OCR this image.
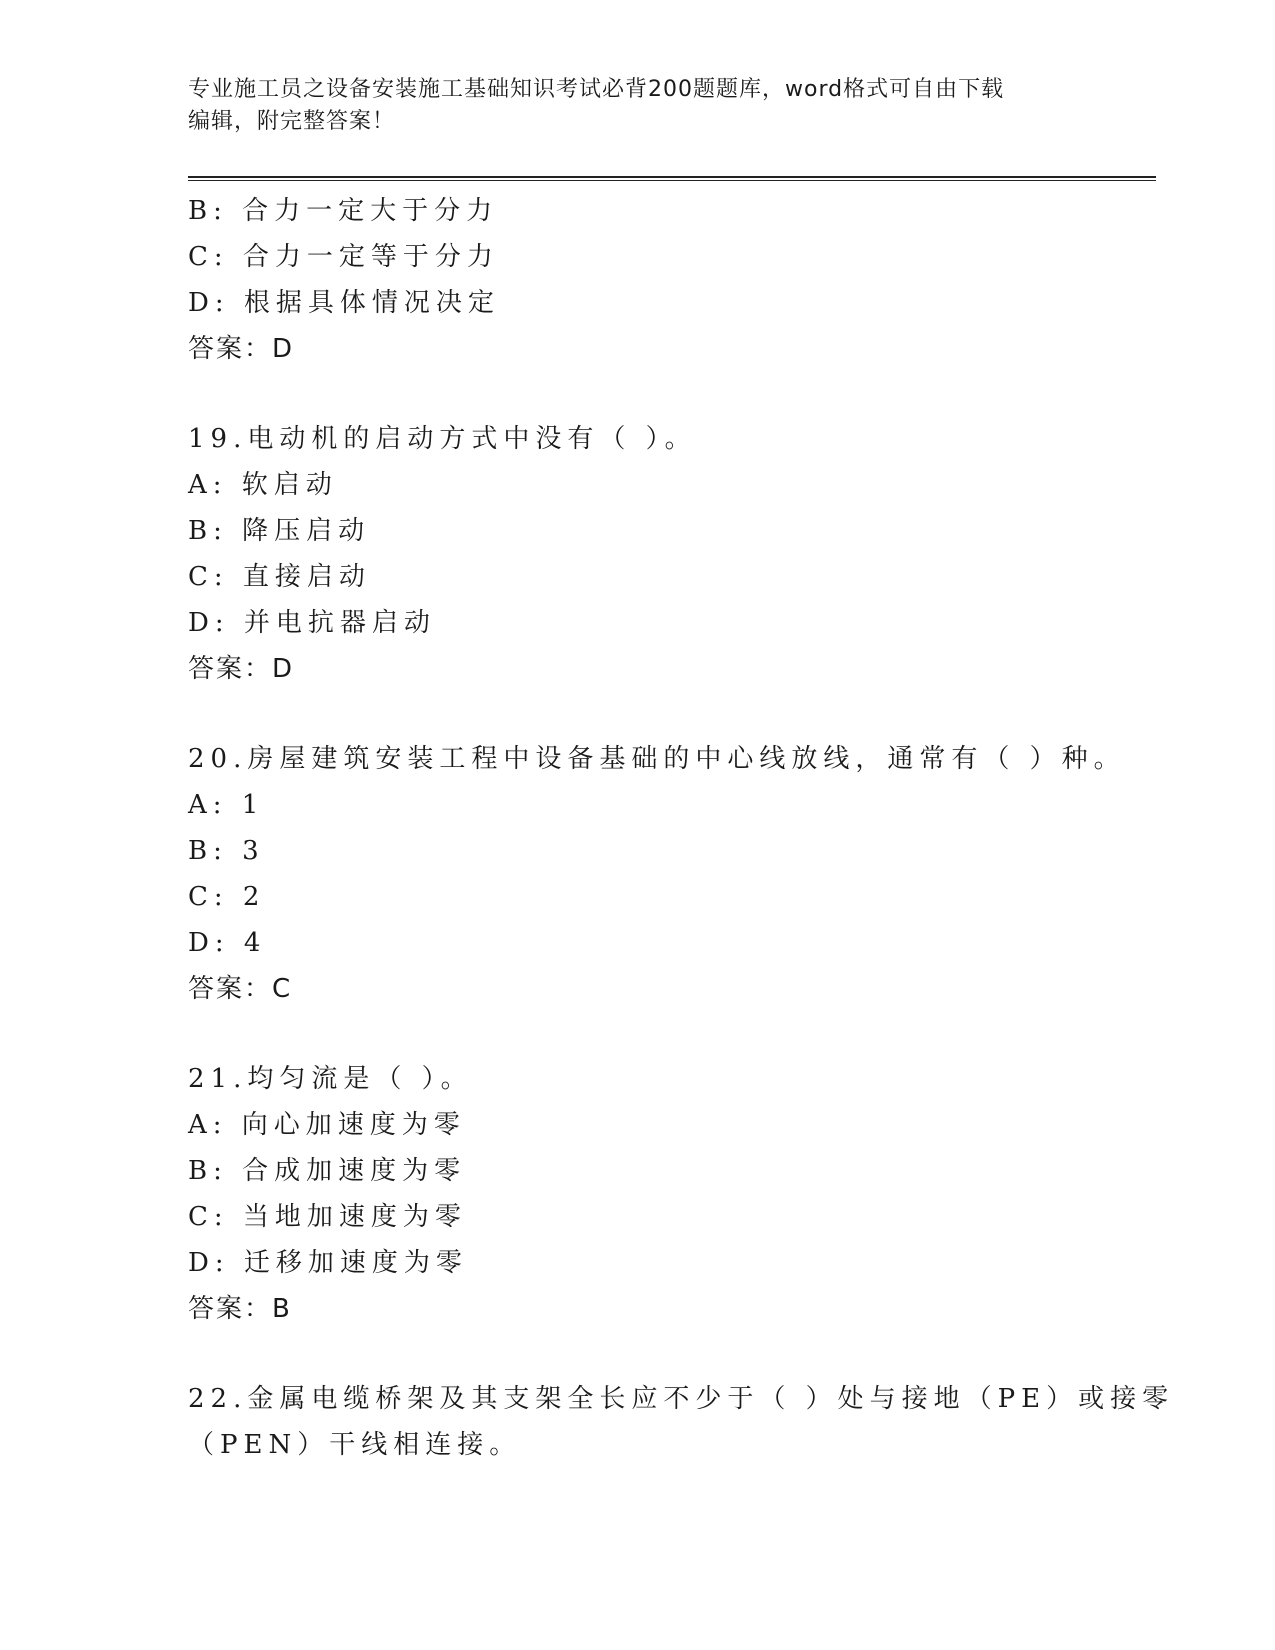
专业施工员之设备安装施工基础知识考试必背200题题库，word格式可自由下载
编辑，附完整答案！
B: 合力一定大于分力
C: 合力一定等于分力
D: 根据具体情况决定
答案：D
19.电动机的启动方式中没有（ ）。
A: 软启动
B: 降压启动
C: 直接启动
D: 并电抗器启动
答案：D
20.房屋建筑安装工程中设备基础的中心线放线，通常有（ ）种。
A: 1
B: 3
C: 2
D: 4
答案：C
21.均匀流是（ ）。
A: 向心加速度为零
B: 合成加速度为零
C: 当地加速度为零
D: 迁移加速度为零
答案：B
22.金属电缆桥架及其支架全长应不少于（ ）处与接地（PE）或接零
（PEN）干线相连接。
